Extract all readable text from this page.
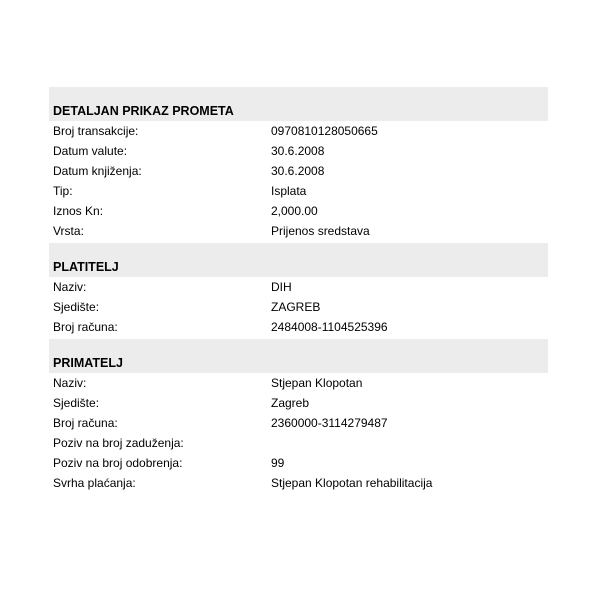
DETALJAN PRIKAZ PROMETA
Broj transakcije:	0970810128050665
Datum valute:	30.6.2008
Datum knjiženja:	30.6.2008
Tip:	Isplata
Iznos Kn:	2,000.00
Vrsta:	Prijenos sredstava
PLATITELJ
Naziv:	DIH
Sjedište:	ZAGREB
Broj računa:	2484008-1104525396
PRIMATELJ
Naziv:	Stjepan Klopotan
Sjedište:	Zagreb
Broj računa:	2360000-3114279487
Poziv na broj zaduženja:
Poziv na broj odobrenja:	99
Svrha plaćanja:	Stjepan Klopotan rehabilitacija
